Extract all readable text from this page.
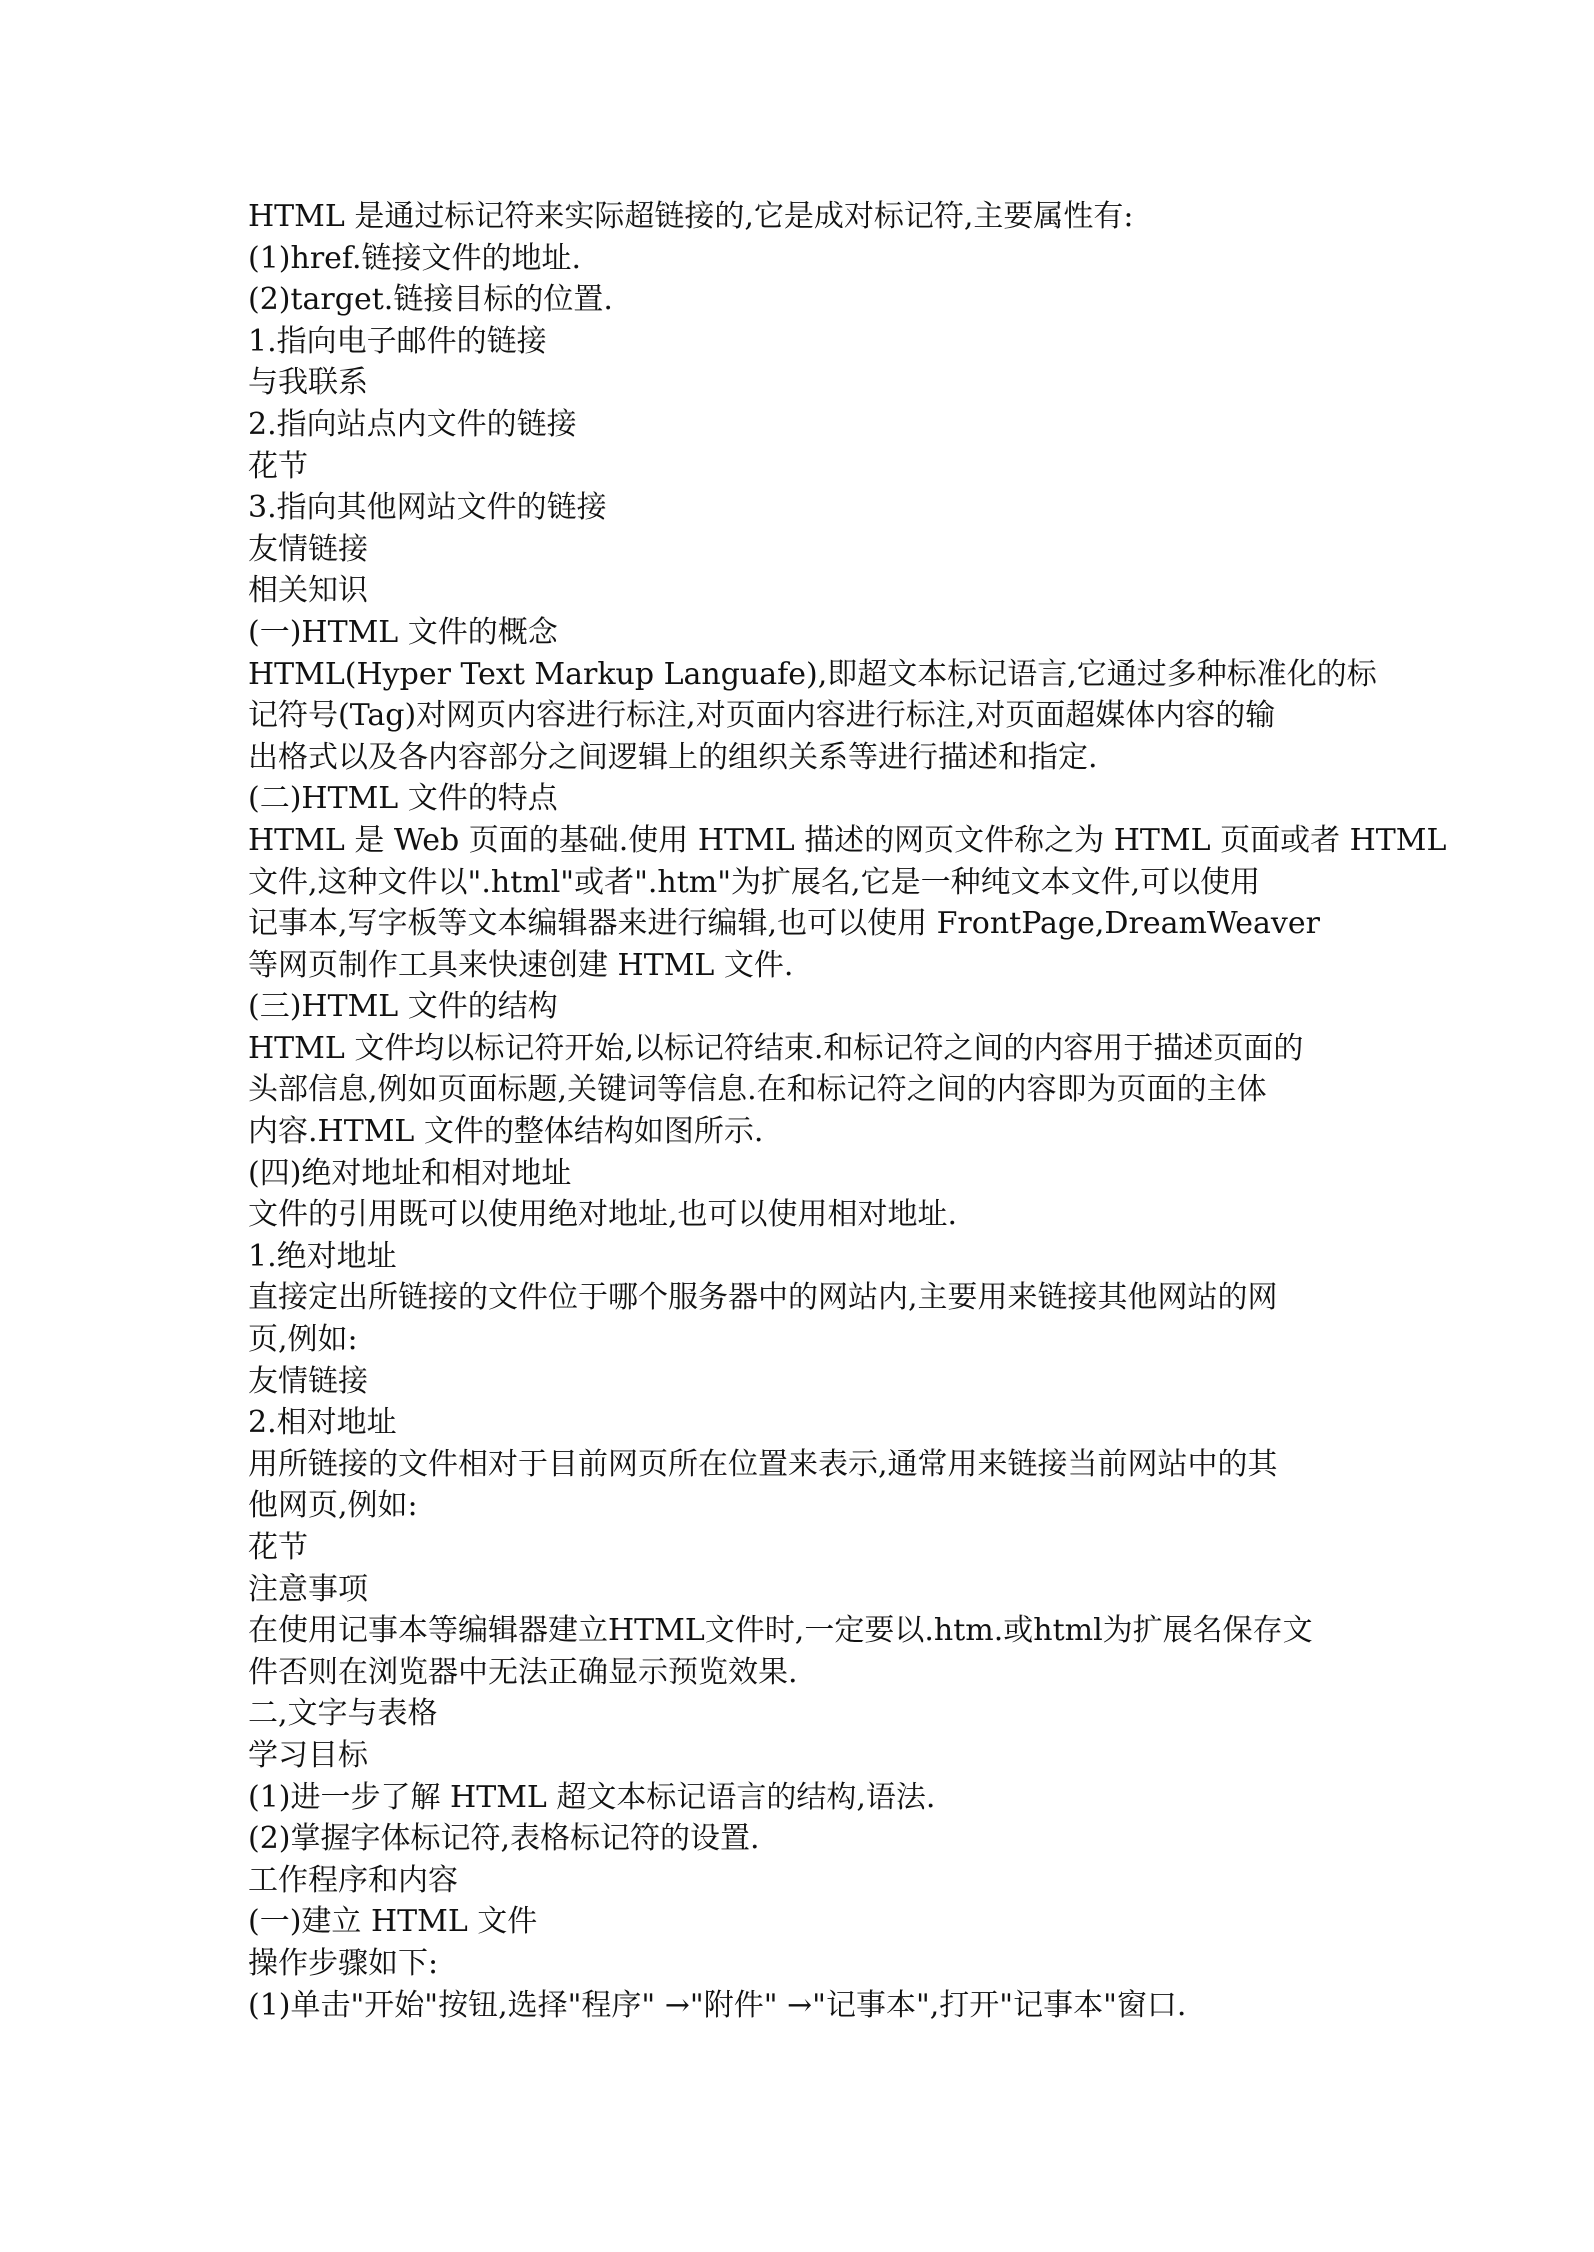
HTML 是通过标记符来实际超链接的,它是成对标记符,主要属性有:
(1)href.链接文件的地址.
(2)target.链接目标的位置.
1.指向电子邮件的链接
与我联系
2.指向站点内文件的链接
花节
3.指向其他网站文件的链接
友情链接
相关知识
(一)HTML 文件的概念
HTML(Hyper Text Markup Languafe),即超文本标记语言,它通过多种标准化的标
记符号(Tag)对网页内容进行标注,对页面内容进行标注,对页面超媒体内容的输
出格式以及各内容部分之间逻辑上的组织关系等进行描述和指定.
(二)HTML 文件的特点
HTML 是 Web 页面的基础.使用 HTML 描述的网页文件称之为 HTML 页面或者 HTML
文件,这种文件以".html"或者".htm"为扩展名,它是一种纯文本文件,可以使用
记事本,写字板等文本编辑器来进行编辑,也可以使用 FrontPage,DreamWeaver
等网页制作工具来快速创建 HTML 文件.
(三)HTML 文件的结构
HTML 文件均以标记符开始,以标记符结束.和标记符之间的内容用于描述页面的
头部信息,例如页面标题,关键词等信息.在和标记符之间的内容即为页面的主体
内容.HTML 文件的整体结构如图所示.
(四)绝对地址和相对地址
文件的引用既可以使用绝对地址,也可以使用相对地址.
1.绝对地址
直接定出所链接的文件位于哪个服务器中的网站内,主要用来链接其他网站的网
页,例如:
友情链接
2.相对地址
用所链接的文件相对于目前网页所在位置来表示,通常用来链接当前网站中的其
他网页,例如:
花节
注意事项
在使用记事本等编辑器建立HTML文件时,一定要以.htm.或html为扩展名保存文
件否则在浏览器中无法正确显示预览效果.
二,文字与表格
学习目标
(1)进一步了解 HTML 超文本标记语言的结构,语法.
(2)掌握字体标记符,表格标记符的设置.
工作程序和内容
(一)建立 HTML 文件
操作步骤如下:
(1)单击"开始"按钮,选择"程序" →"附件" →"记事本",打开"记事本"窗口.
